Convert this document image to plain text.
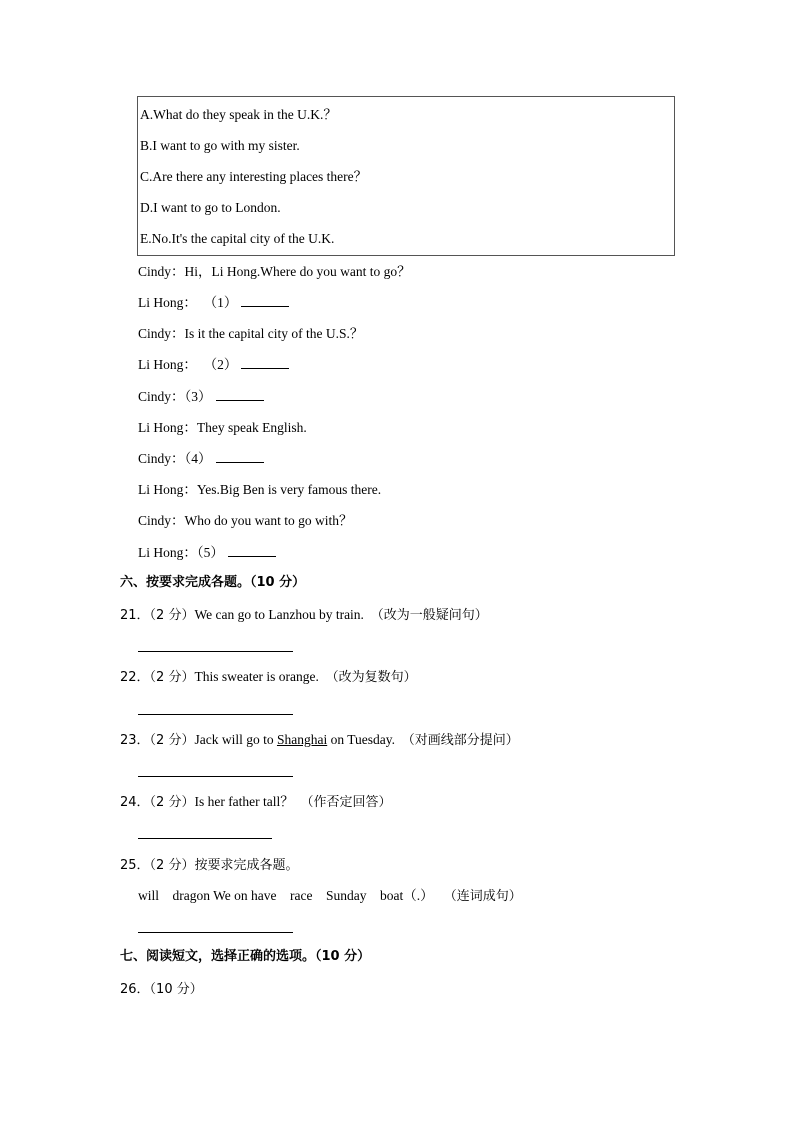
A.What do they speak in the U.K.？
B.I want to go with my sister.
C.Are there any interesting places there？
D.I want to go to London.
E.No.It's the capital city of the U.K.
Cindy：Hi，Li Hong.Where do you want to go？
Li Hong： （1）
Cindy：Is it the capital city of the U.S.？
Li Hong： （2）
Cindy：（3）
Li Hong：They speak English.
Cindy：（4）
Li Hong：Yes.Big Ben is very famous there.
Cindy：Who do you want to go with？
Li Hong：（5）
六、按要求完成各题。（10 分）
21．（2 分）We can go to Lanzhou by train. （改为一般疑问句）
22．（2 分）This sweater is orange. （改为复数句）
23．（2 分）Jack will go to Shanghai on Tuesday. （对画线部分提问）
24．（2 分）Is her father tall？ （作否定回答）
25．（2 分）按要求完成各题。
will    dragon We on have    race    Sunday    boat（.） （连词成句）
七、阅读短文，选择正确的选项。（10 分）
26．（10 分）
